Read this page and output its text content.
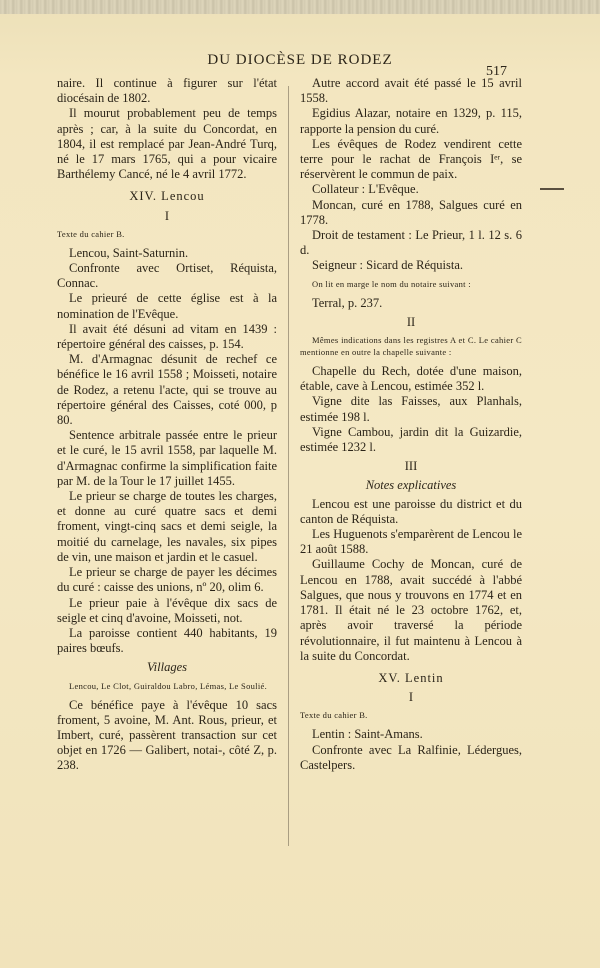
DU DIOCÈSE DE RODEZ
517
naire. Il continue à figurer sur l'état diocésain de 1802.
Il mourut probablement peu de temps après ; car, à la suite du Concordat, en 1804, il est remplacé par Jean-André Turq, né le 17 mars 1765, qui a pour vicaire Barthélemy Cancé, né le 4 avril 1772.
XIV. Lencou
I
Texte du cahier B.
Lencou, Saint-Saturnin.
Confronte avec Ortiset, Réquista, Connac.
Le prieuré de cette église est à la nomination de l'Evêque.
Il avait été désuni ad vitam en 1439 : répertoire général des caisses, p. 154.
M. d'Armagnac désunit de rechef ce bénéfice le 16 avril 1558 ; Moisseti, notaire de Rodez, a retenu l'acte, qui se trouve au répertoire général des Caisses, coté 000, p 80.
Sentence arbitrale passée entre le prieur et le curé, le 15 avril 1558, par laquelle M. d'Armagnac confirme la simplification faite par M. de la Tour le 17 juillet 1455.
Le prieur se charge de toutes les charges, et donne au curé quatre sacs et demi froment, vingt-cinq sacs et demi seigle, la moitié du carnelage, les navales, six pipes de vin, une maison et jardin et le casuel.
Le prieur se charge de payer les décimes du curé : caisse des unions, nº 20, olim 6.
Le prieur paie à l'évêque dix sacs de seigle et cinq d'avoine, Moisseti, not.
La paroisse contient 440 habitants, 19 paires bœufs.
Villages
Lencou, Le Clot, Guiraldou Labro, Lémas, Le Soulié.
Ce bénéfice paye à l'évêque 10 sacs froment, 5 avoine, M. Ant. Rous, prieur, et Imbert, curé, passèrent transaction sur cet objet en 1726 — Galibert, notai-, côté Z, p. 238.
Autre accord avait été passé le 15 avril 1558.
Egidius Alazar, notaire en 1329, p. 115, rapporte la pension du curé.
Les évêques de Rodez vendirent cette terre pour le rachat de François Iᵉʳ, se réservèrent le commun de paix.
Collateur : L'Evêque.
Moncan, curé en 1788, Salgues curé en 1778.
Droit de testament : Le Prieur, 1 l. 12 s. 6 d.
Seigneur : Sicard de Réquista.
On lit en marge le nom du notaire suivant :
Terral, p. 237.
II
Mêmes indications dans les registres A et C. Le cahier C mentionne en outre la chapelle suivante :
Chapelle du Rech, dotée d'une maison, étable, cave à Lencou, estimée 352 l.
Vigne dite las Faisses, aux Planhals, estimée 198 l.
Vigne Cambou, jardin dit la Guizardie, estimée 1232 l.
III
Notes explicatives
Lencou est une paroisse du district et du canton de Réquista.
Les Huguenots s'emparèrent de Lencou le 21 août 1588.
Guillaume Cochy de Moncan, curé de Lencou en 1788, avait succédé à l'abbé Salgues, que nous y trouvons en 1774 et en 1781. Il était né le 23 octobre 1762, et, après avoir traversé la période révolutionnaire, il fut maintenu à Lencou à la suite du Concordat.
XV. Lentin
I
Texte du cahier B.
Lentin : Saint-Amans.
Confronte avec La Ralfinie, Lédergues, Castelpers.
